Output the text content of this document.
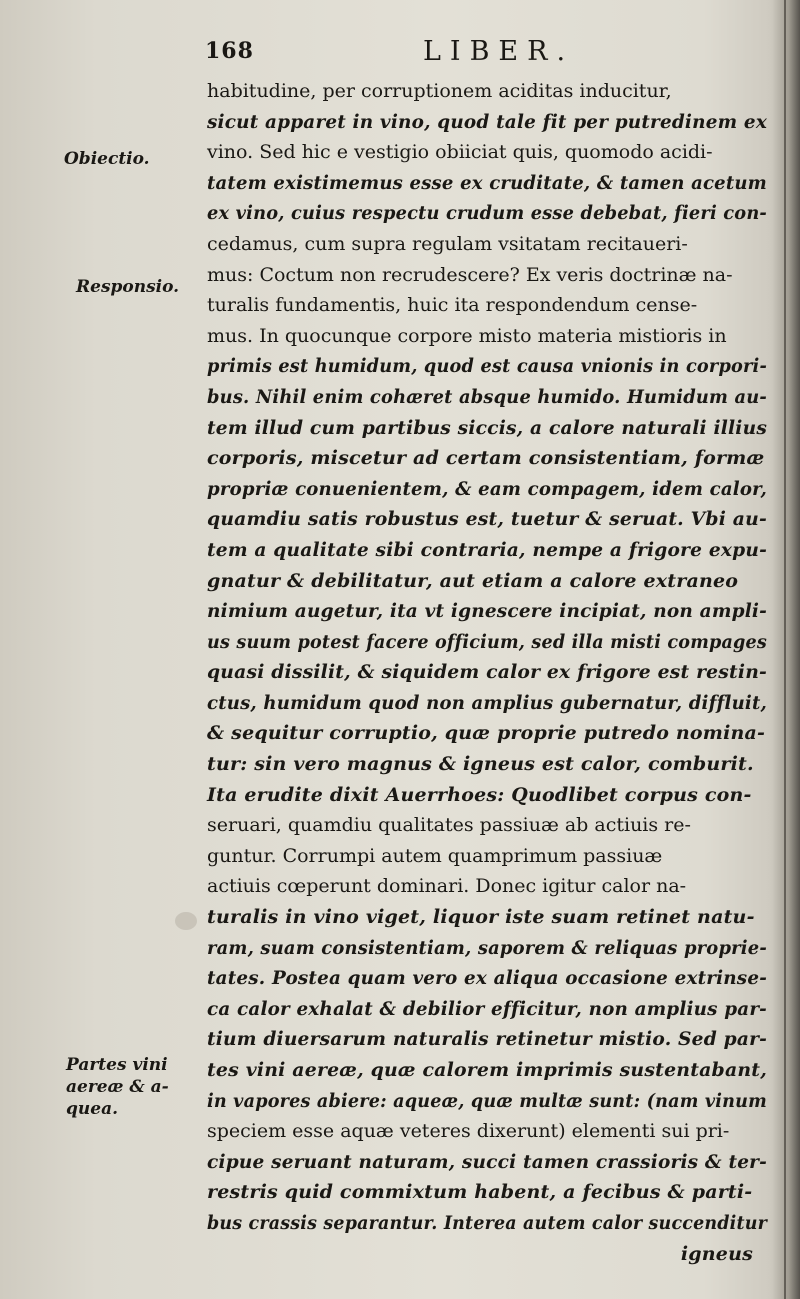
168	LIBER.
Obiectio.
Responsio.
Partes vini aereæ & a-quea.
habitudine, per corruptionem aciditas inducitur,
sicut apparet in vino, quod tale fit per putredinem ex
vino. Sed hic e vestigio obiiciat quis, quomodo acidi-
tatem existimemus esse ex cruditate, & tamen acetum
ex vino, cuius respectu crudum esse debebat, fieri con-
cedamus, cum supra regulam vsitatam recitaueri-
mus: Coctum non recrudescere? Ex veris doctrinæ na-
turalis fundamentis, huic ita respondendum cense-
mus. In quocunque corpore misto materia mistioris in
primis est humidum, quod est causa vnionis in corpori-
bus. Nihil enim cohæret absque humido. Humidum au-
tem illud cum partibus siccis, a calore naturali illius
corporis, miscetur ad certam consistentiam, formæ
propriæ conuenientem, & eam compagem, idem calor,
quamdiu satis robustus est, tuetur & seruat. Vbi au-
tem a qualitate sibi contraria, nempe a frigore expu-
gnatur & debilitatur, aut etiam a calore extraneo
nimium augetur, ita vt ignescere incipiat, non ampli-
us suum potest facere officium, sed illa misti compages
quasi dissilit, & siquidem calor ex frigore est restin-
ctus, humidum quod non amplius gubernatur, diffluit,
& sequitur corruptio, quæ proprie putredo nomina-
tur: sin vero magnus & igneus est calor, comburit.
Ita erudite dixit Auerrhoes: Quodlibet corpus con-
seruari, quamdiu qualitates passiuæ ab actiuis re-
guntur. Corrumpi autem quamprimum passiuæ
actiuis cœperunt dominari. Donec igitur calor na-
turalis in vino viget, liquor iste suam retinet natu-
ram, suam consistentiam, saporem & reliquas proprie-
tates. Postea quam vero ex aliqua occasione extrinse-
ca calor exhalat & debilior efficitur, non amplius par-
tium diuersarum naturalis retinetur mistio. Sed par-
tes vini aereæ, quæ calorem imprimis sustentabant,
in vapores abiere: aqueæ, quæ multæ sunt: (nam vinum
speciem esse aquæ veteres dixerunt) elementi sui pri-
cipue seruant naturam, succi tamen crassioris & ter-
restris quid commixtum habent, a fecibus & parti-
bus crassis separantur. Interea autem calor succenditur
igneus
